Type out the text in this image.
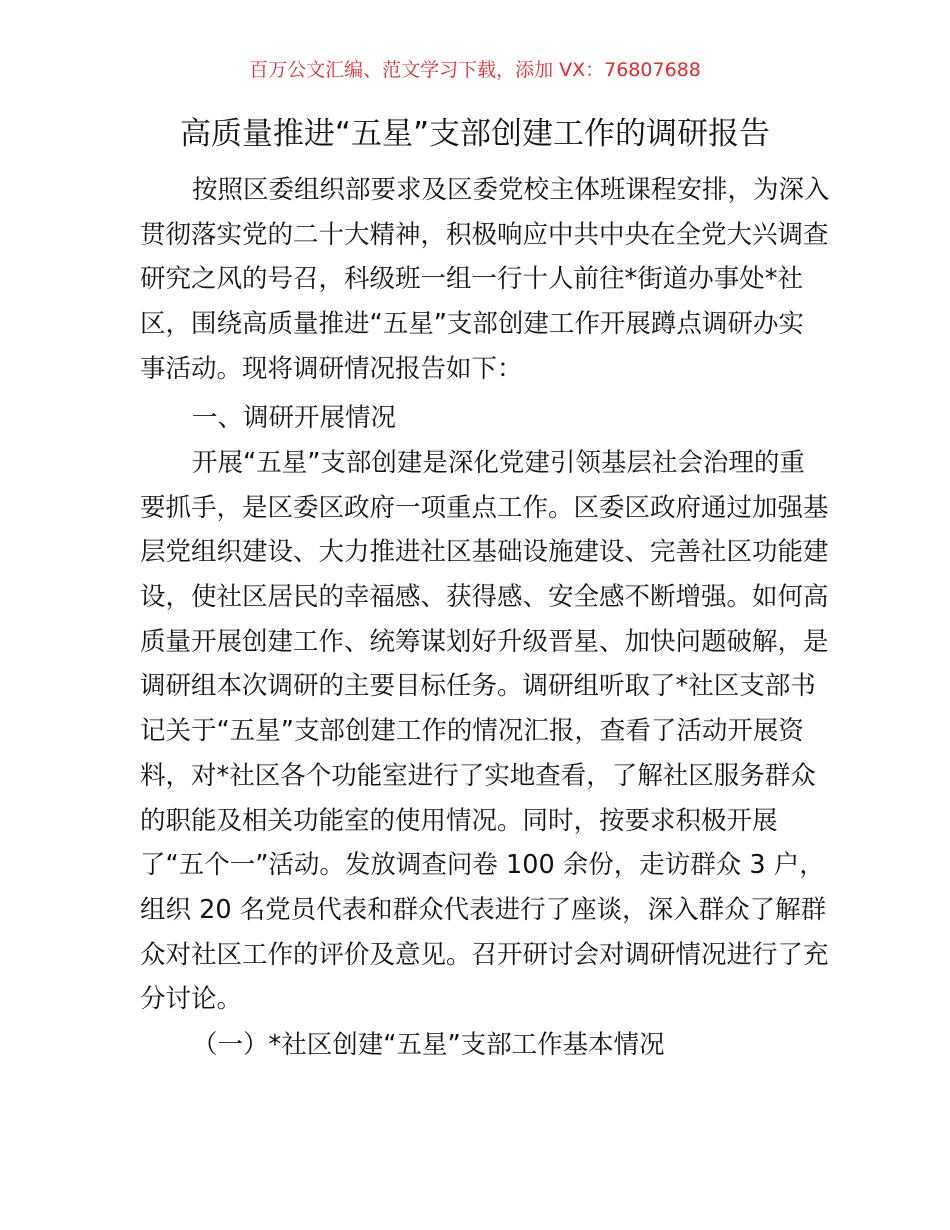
百万公文汇编、范文学习下载，添加 VX：76807688
高质量推进“五星”支部创建工作的调研报告
按照区委组织部要求及区委党校主体班课程安排，为深入
贯彻落实党的二十大精神，积极响应中共中央在全党大兴调查
研究之风的号召，科级班一组一行十人前往*街道办事处*社
区，围绕高质量推进“五星”支部创建工作开展蹲点调研办实
事活动。现将调研情况报告如下：
一、调研开展情况
开展“五星”支部创建是深化党建引领基层社会治理的重
要抓手，是区委区政府一项重点工作。区委区政府通过加强基
层党组织建设、大力推进社区基础设施建设、完善社区功能建
设，使社区居民的幸福感、获得感、安全感不断增强。如何高
质量开展创建工作、统筹谋划好升级晋星、加快问题破解，是
调研组本次调研的主要目标任务。调研组听取了*社区支部书
记关于“五星”支部创建工作的情况汇报，查看了活动开展资
料，对*社区各个功能室进行了实地查看，了解社区服务群众
的职能及相关功能室的使用情况。同时，按要求积极开展
了“五个一”活动。发放调查问卷 100 余份，走访群众 3 户，
组织 20 名党员代表和群众代表进行了座谈，深入群众了解群
众对社区工作的评价及意见。召开研讨会对调研情况进行了充
分讨论。
（一）*社区创建“五星”支部工作基本情况
